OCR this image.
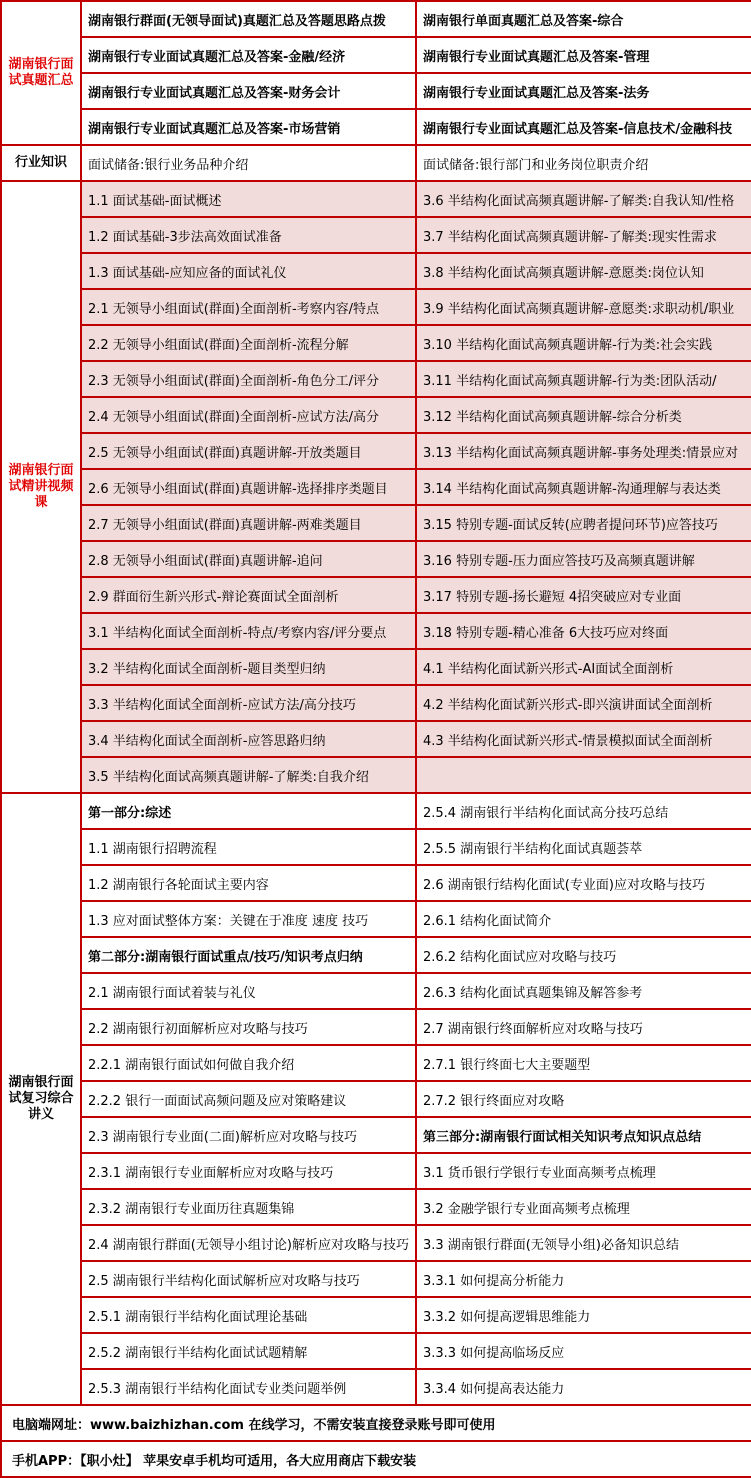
湖南银行面试真题汇总	湖南银行群面(无领导面试)真题汇总及答题思路点拨	湖南银行单面真题汇总及答案-综合
	湖南银行专业面试真题汇总及答案-金融/经济	湖南银行专业面试真题汇总及答案-管理
	湖南银行专业面试真题汇总及答案-财务会计	湖南银行专业面试真题汇总及答案-法务
	湖南银行专业面试真题汇总及答案-市场营销	湖南银行专业面试真题汇总及答案-信息技术/金融科技
行业知识	面试储备:银行业务品种介绍	面试储备:银行部门和业务岗位职责介绍
湖南银行面试精讲视频课	1.1 面试基础-面试概述	3.6 半结构化面试高频真题讲解-了解类:自我认知/性格
	1.2 面试基础-3步法高效面试准备	3.7 半结构化面试高频真题讲解-了解类:现实性需求
	1.3 面试基础-应知应备的面试礼仪	3.8 半结构化面试高频真题讲解-意愿类:岗位认知
	2.1 无领导小组面试(群面)全面剖析-考察内容/特点	3.9 半结构化面试高频真题讲解-意愿类:求职动机/职业
	2.2 无领导小组面试(群面)全面剖析-流程分解	3.10 半结构化面试高频真题讲解-行为类:社会实践
	2.3 无领导小组面试(群面)全面剖析-角色分工/评分	3.11 半结构化面试高频真题讲解-行为类:团队活动/
	2.4 无领导小组面试(群面)全面剖析-应试方法/高分	3.12 半结构化面试高频真题讲解-综合分析类
	2.5 无领导小组面试(群面)真题讲解-开放类题目	3.13 半结构化面试高频真题讲解-事务处理类:情景应对
	2.6 无领导小组面试(群面)真题讲解-选择排序类题目	3.14 半结构化面试高频真题讲解-沟通理解与表达类
	2.7 无领导小组面试(群面)真题讲解-两难类题目	3.15 特别专题-面试反转(应聘者提问环节)应答技巧
	2.8 无领导小组面试(群面)真题讲解-追问	3.16 特别专题-压力面应答技巧及高频真题讲解
	2.9 群面衍生新兴形式-辩论赛面试全面剖析	3.17 特别专题-扬长避短 4招突破应对专业面
	3.1 半结构化面试全面剖析-特点/考察内容/评分要点	3.18 特别专题-精心准备 6大技巧应对终面
	3.2 半结构化面试全面剖析-题目类型归纳	4.1 半结构化面试新兴形式-AI面试全面剖析
	3.3 半结构化面试全面剖析-应试方法/高分技巧	4.2 半结构化面试新兴形式-即兴演讲面试全面剖析
	3.4 半结构化面试全面剖析-应答思路归纳	4.3 半结构化面试新兴形式-情景模拟面试全面剖析
	3.5 半结构化面试高频真题讲解-了解类:自我介绍	
湖南银行面试复习综合讲义	第一部分:综述	2.5.4 湖南银行半结构化面试高分技巧总结
	1.1 湖南银行招聘流程	2.5.5 湖南银行半结构化面试真题荟萃
	1.2 湖南银行各轮面试主要内容	2.6 湖南银行结构化面试(专业面)应对攻略与技巧
	1.3 应对面试整体方案：关键在于准度 速度 技巧	2.6.1 结构化面试简介
	第二部分:湖南银行面试重点/技巧/知识考点归纳	2.6.2 结构化面试应对攻略与技巧
	2.1 湖南银行面试着装与礼仪	2.6.3 结构化面试真题集锦及解答参考
	2.2 湖南银行初面解析应对攻略与技巧	2.7 湖南银行终面解析应对攻略与技巧
	2.2.1 湖南银行面试如何做自我介绍	2.7.1 银行终面七大主要题型
	2.2.2 银行一面面试高频问题及应对策略建议	2.7.2 银行终面应对攻略
	2.3 湖南银行专业面(二面)解析应对攻略与技巧	第三部分:湖南银行面试相关知识考点知识点总结
	2.3.1 湖南银行专业面解析应对攻略与技巧	3.1 货币银行学银行专业面高频考点梳理
	2.3.2 湖南银行专业面历往真题集锦	3.2 金融学银行专业面高频考点梳理
	2.4 湖南银行群面(无领导小组讨论)解析应对攻略与技巧	3.3 湖南银行群面(无领导小组)必备知识总结
	2.5 湖南银行半结构化面试解析应对攻略与技巧	3.3.1 如何提高分析能力
	2.5.1 湖南银行半结构化面试理论基础	3.3.2 如何提高逻辑思维能力
	2.5.2 湖南银行半结构化面试试题精解	3.3.3 如何提高临场反应
	2.5.3 湖南银行半结构化面试专业类问题举例	3.3.4 如何提高表达能力
电脑端网址：www.baizhizhan.com 在线学习，不需安装直接登录账号即可使用		
手机APP：【职小灶】 苹果安卓手机均可适用，各大应用商店下载安装		
